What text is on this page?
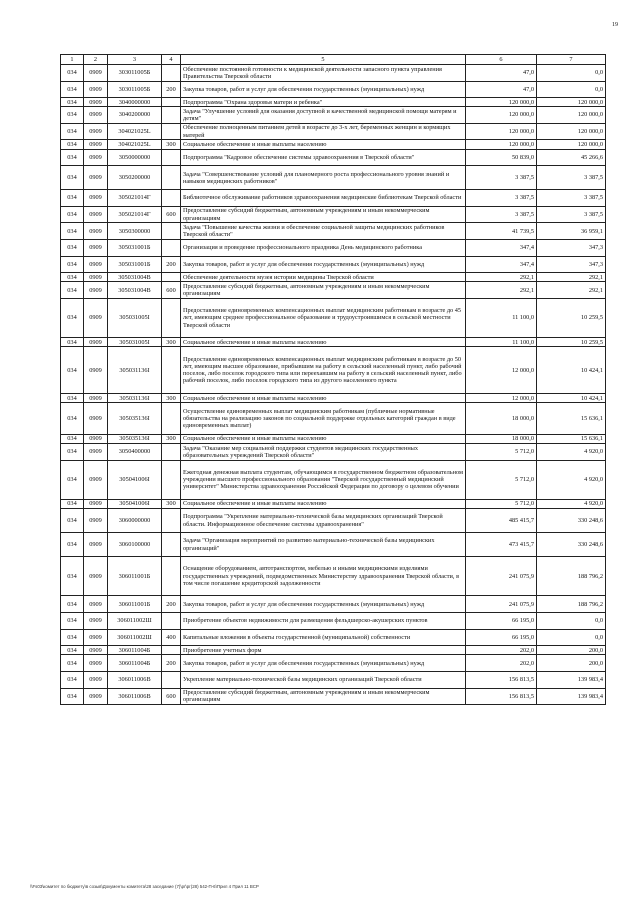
19
1	2	3	4	5	6	7
034	0909	303011005Б		Обеспечение постоянной готовности к медицинской деятельности запасного пункта управления Правительства Тверской области	47,0	0,0
034	0909	303011005Б	200	Закупка товаров, работ и услуг для обеспечения государственных (муниципальных) нужд	47,0	0,0
034	0909	3040000000		Подпрограмма "Охрана здоровья матери и ребенка"	120 000,0	120 000,0
034	0909	3040200000		Задача "Улучшение условий для оказания доступной и качественной медицинской помощи матерям и детям"	120 000,0	120 000,0
034	0909	304021025L		Обеспечение полноценным питанием детей в возрасте до 3-х лет, беременных женщин и кормящих матерей	120 000,0	120 000,0
034	0909	304021025L	300	Социальное обеспечение и иные выплаты населению	120 000,0	120 000,0
034	0909	3050000000		Подпрограмма "Кадровое обеспечение системы здравоохранения в Тверской области"	50 839,0	45 266,6
034	0909	3050200000		Задача "Совершенствование условий для планомерного роста профессионального уровня знаний и навыков медицинских работников"	3 387,5	3 387,5
034	0909	305021014Г		Библиотечное обслуживание работников здравоохранения медицинские библиотекам Тверской области	3 387,5	3 387,5
034	0909	305021014Г	600	Предоставление субсидий бюджетным, автономным учреждениям и иным некоммерческим организациям	3 387,5	3 387,5
034	0909	3050300000		Задача "Повышение качества жизни и обеспечение социальной защиты медицинских работников Тверской области"	41 739,5	36 959,1
034	0909	305031001Б		Организация и проведение профессионального праздника День медицинского работника	347,4	347,3
034	0909	305031001Б	200	Закупка товаров, работ и услуг для обеспечения государственных (муниципальных) нужд	347,4	347,3
034	0909	305031004В		Обеспечение деятельности музея истории медицины Тверской области	292,1	292,1
034	0909	305031004В	600	Предоставление субсидий бюджетным, автономным учреждениям и иным некоммерческим организациям	292,1	292,1
034	0909	305031005І		Предоставление единовременных компенсационных выплат медицинским работникам в возрасте до 45 лет, имеющим среднее профессиональное образование и трудоустроившимся в сельской местности Тверской области	11 100,0	10 259,5
034	0909	305031005І	300	Социальное обеспечение и иные выплаты населению	11 100,0	10 259,5
034	0909	305031136І		Предоставление единовременных компенсационных выплат медицинским работникам в возрасте до 50 лет, имеющим высшее образование, прибывшим на работу в сельский населенный пункт, либо рабочий поселок, либо поселок городского типа или переехавшим на работу в сельский населенный пункт, либо рабочий поселок, либо поселок городского типа из другого населенного пункта	12 000,0	10 424,1
034	0909	305031136І	300	Социальное обеспечение и иные выплаты населению	12 000,0	10 424,1
034	0909	305035136І		Осуществление единовременных выплат медицинским работникам (публичные нормативные обязательства на реализацию законов по социальной поддержке отдельных категорий граждан в виде единовременных выплат)	18 000,0	15 636,1
034	0909	305035136І	300	Социальное обеспечение и иные выплаты населению	18 000,0	15 636,1
034	0909	3050400000		Задача "Оказание мер социальной поддержки студентов медицинских государственных образовательных учреждений Тверской области"	5 712,0	4 920,0
034	0909	305041006І		Ежегодная денежная выплата студентам, обучающимся в государственном бюджетном образовательном учреждении высшего профессионального образования "Тверской государственный медицинский университет" Министерства здравоохранения Российской Федерации по договору о целевом обучении	5 712,0	4 920,0
034	0909	305041006І	300	Социальное обеспечение и иные выплаты населению	5 712,0	4 920,0
034	0909	3060000000		Подпрограмма "Укрепление материально-технической базы медицинских организаций Тверской области. Информационное обеспечение системы здравоохранения"	485 415,7	330 248,6
034	0909	3060100000		Задача "Организация мероприятий по развитию материально-технической базы медицинских организаций"	473 415,7	330 248,6
034	0909	306011001Б		Оснащение оборудованием, автотранспортом, мебелью и иными медицинскими изделиями государственных учреждений, подведомственных Министерству здравоохранения Тверской области, в том числе погашение кредиторской задолженности	241 075,9	188 796,2
034	0909	306011001Б	200	Закупка товаров, работ и услуг для обеспечения государственных (муниципальных) нужд	241 075,9	188 796,2
034	0909	306011002Ш		Приобретение объектов недвижимости для размещения фельдшерско-акушерских пунктов	66 195,0	0,0
034	0909	306011002Ш	400	Капитальные вложения в объекты государственной (муниципальной) собственности	66 195,0	0,0
034	0909	306011004Б		Приобретение учетных форм	202,0	200,0
034	0909	306011004Б	200	Закупка товаров, работ и услуг для обеспечения государственных (муниципальных) нужд	202,0	200,0
034	0909	306011006В		Укрепление материально-технической базы медицинских организаций Тверской области	156 813,5	139 983,4
034	0909	306011006В	600	Предоставление субсидий бюджетным, автономным учреждениям и иным некоммерческим организациям	156 813,5	139 983,4
\\Fs03\комитет по бюджету\в созыв\Документы комитета\28 заседание (7)\pr\рг(28) 542-П-6\Прил 4 Прил 11 ВСР
